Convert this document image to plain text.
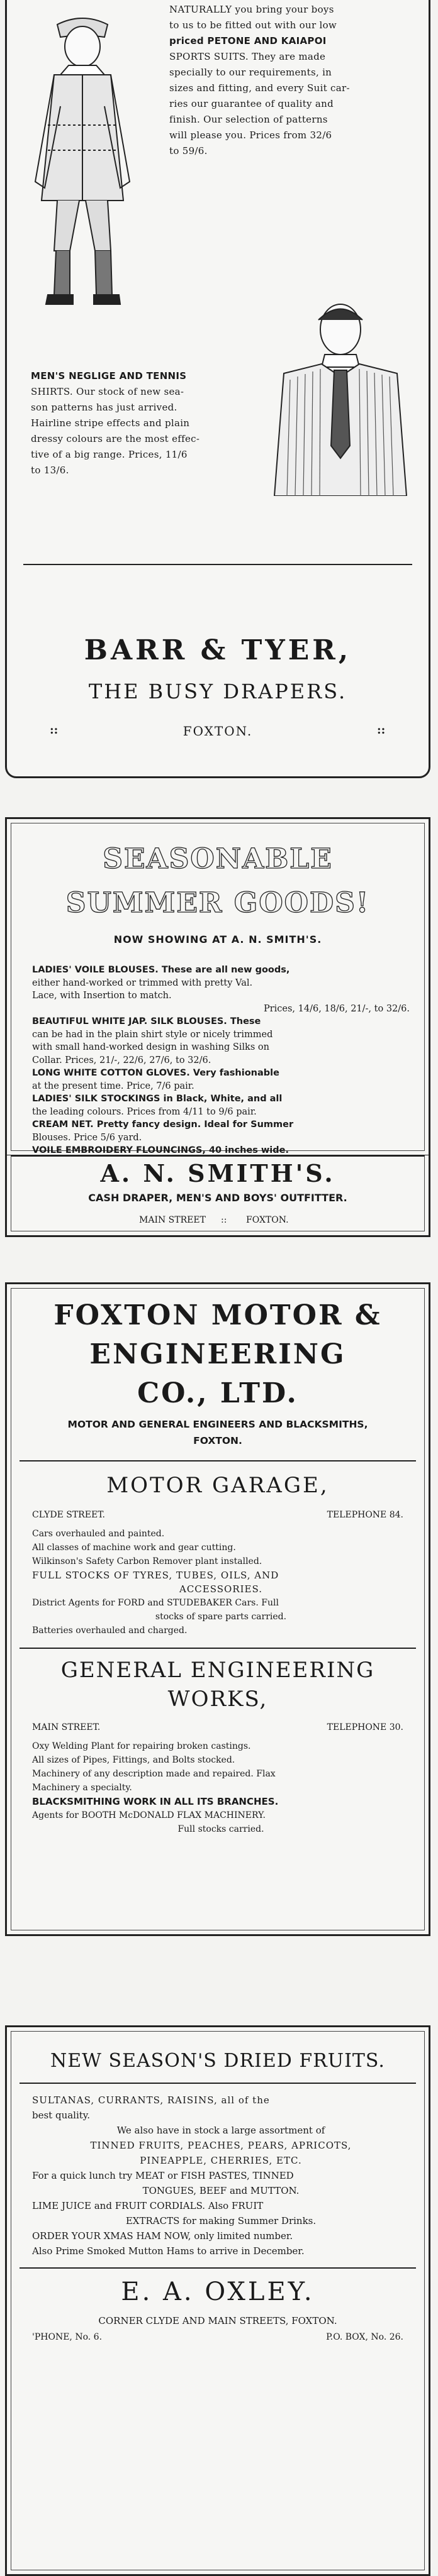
NATURALLY you bring your boys
to us to be fitted out with our low
priced PETONE AND KAIAPOI
SPORTS SUITS. They are made
specially to our requirements, in
sizes and fitting, and every Suit car-
ries our guarantee of quality and
finish. Our selection of patterns
will please you. Prices from 32/6
to 59/6.
MEN'S NEGLIGE AND TENNIS
SHIRTS. Our stock of new sea-
son patterns has just arrived.
Hairline stripe effects and plain
dressy colours are the most effec-
tive of a big range. Prices, 11/6
to 13/6.
BARR & TYER,
THE BUSY DRAPERS.
::	FOXTON.	::
SEASONABLE
SUMMER GOODS!
NOW SHOWING AT A. N. SMITH'S.
LADIES' VOILE BLOUSES. These are all new goods,
either hand-worked or trimmed with pretty Val.
Lace, with Insertion to match.
Prices, 14/6, 18/6, 21/-, to 32/6.
BEAUTIFUL WHITE JAP. SILK BLOUSES. These
can be had in the plain shirt style or nicely trimmed
with small hand-worked design in washing Silks on
Collar. Prices, 21/-, 22/6, 27/6, to 32/6.
LONG WHITE COTTON GLOVES. Very fashionable
at the present time. Price, 7/6 pair.
LADIES' SILK STOCKINGS in Black, White, and all
the leading colours. Prices from 4/11 to 9/6 pair.
CREAM NET. Pretty fancy design. Ideal for Summer
Blouses. Price 5/6 yard.
VOILE EMBROIDERY FLOUNCINGS, 40 inches wide.
A. N. SMITH'S.
CASH DRAPER, MEN'S AND BOYS' OUTFITTER.
MAIN STREET :: FOXTON.
FOXTON MOTOR &
ENGINEERING
CO., LTD.
MOTOR AND GENERAL ENGINEERS AND BLACKSMITHS,
FOXTON.
MOTOR GARAGE,
CLYDE STREET.	TELEPHONE 84.
Cars overhauled and painted.
All classes of machine work and gear cutting.
Wilkinson's Safety Carbon Remover plant installed.
FULL STOCKS OF TYRES, TUBES, OILS, AND
ACCESSORIES.
District Agents for FORD and STUDEBAKER Cars. Full
stocks of spare parts carried.
Batteries overhauled and charged.
GENERAL ENGINEERING
WORKS,
MAIN STREET.	TELEPHONE 30.
Oxy Welding Plant for repairing broken castings.
All sizes of Pipes, Fittings, and Bolts stocked.
Machinery of any description made and repaired. Flax
Machinery a specialty.
BLACKSMITHING WORK IN ALL ITS BRANCHES.
Agents for BOOTH McDONALD FLAX MACHINERY.
Full stocks carried.
NEW SEASON'S DRIED FRUITS.
SULTANAS, CURRANTS, RAISINS, all of the
best quality.
We also have in stock a large assortment of
TINNED FRUITS, PEACHES, PEARS, APRICOTS,
PINEAPPLE, CHERRIES, ETC.
For a quick lunch try MEAT or FISH PASTES, TINNED
TONGUES, BEEF and MUTTON.
LIME JUICE and FRUIT CORDIALS. Also FRUIT
EXTRACTS for making Summer Drinks.
ORDER YOUR XMAS HAM NOW, only limited number.
Also Prime Smoked Mutton Hams to arrive in December.
E. A. OXLEY.
CORNER CLYDE AND MAIN STREETS, FOXTON.
'PHONE, No. 6.	P.O. BOX, No. 26.
